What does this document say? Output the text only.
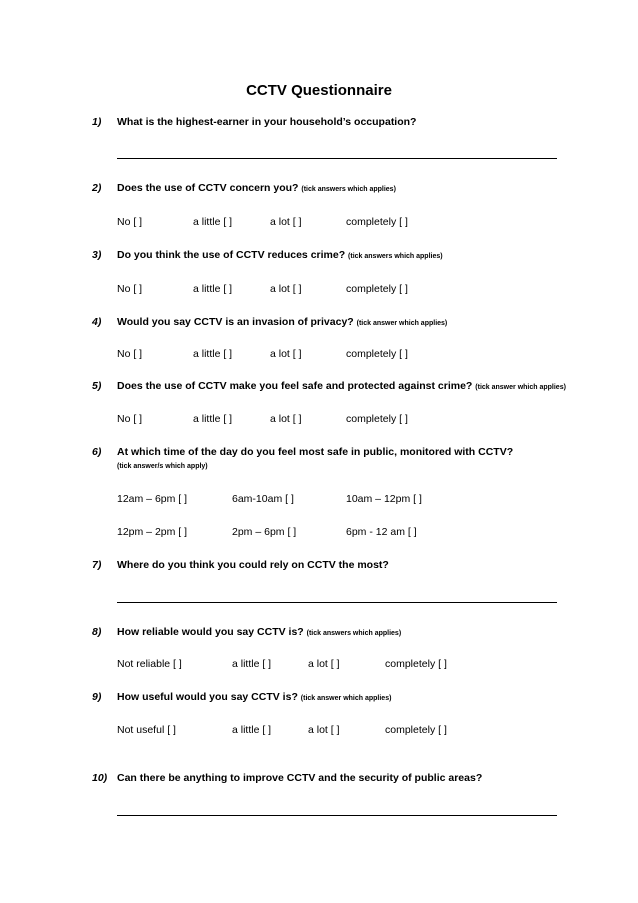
CCTV Questionnaire
1) What is the highest-earner in your household’s occupation?
2) Does the use of CCTV concern you? (tick answers which applies)
No [ ]	a little [ ]	a lot [ ]	completely [ ]
3) Do you think the use of CCTV reduces crime? (tick answers which applies)
No [ ]	a little [ ]	a lot [ ]	completely [ ]
4) Would you say CCTV is an invasion of privacy? (tick answer which applies)
No [ ]	a little [ ]	a lot [ ]	completely [ ]
5) Does the use of CCTV make you feel safe and protected against crime? (tick answer which applies)
No [ ]	a little [ ]	a lot [ ]	completely [ ]
6) At which time of the day do you feel most safe in public, monitored with CCTV?
(tick answer/s which apply)
12am – 6pm [ ]	6am-10am [ ]	10am – 12pm [ ]
12pm – 2pm [ ]	2pm – 6pm [ ]	6pm - 12 am [ ]
7) Where do you think you could rely on CCTV the most?
8) How reliable would you say CCTV is? (tick answers which applies)
Not reliable [ ]	a little [ ]	a lot [ ]	completely [ ]
9) How useful would you say CCTV is? (tick answer which applies)
Not useful [ ]	a little [ ]	a lot [ ]	completely [ ]
10) Can there be anything to improve CCTV and the security of public areas?
